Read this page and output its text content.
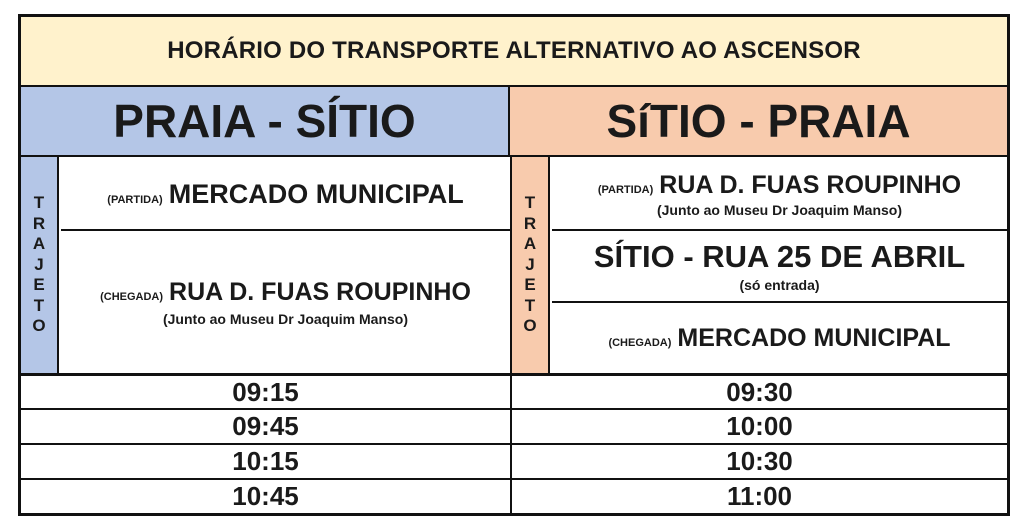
HORÁRIO DO TRANSPORTE ALTERNATIVO AO ASCENSOR
PRAIA - SÍTIO	SíTIO - PRAIA
T
R
A
J
E
T
O
(PARTIDA) MERCADO MUNICIPAL
(CHEGADA) RUA D. FUAS ROUPINHO
(Junto ao Museu Dr Joaquim Manso)
T
R
A
J
E
T
O
(PARTIDA) RUA D. FUAS ROUPINHO
(Junto ao Museu Dr Joaquim Manso)
SÍTIO - RUA 25 DE ABRIL
(só entrada)
(CHEGADA) MERCADO MUNICIPAL
09:15
09:45
10:15
10:45
09:30
10:00
10:30
11:00
